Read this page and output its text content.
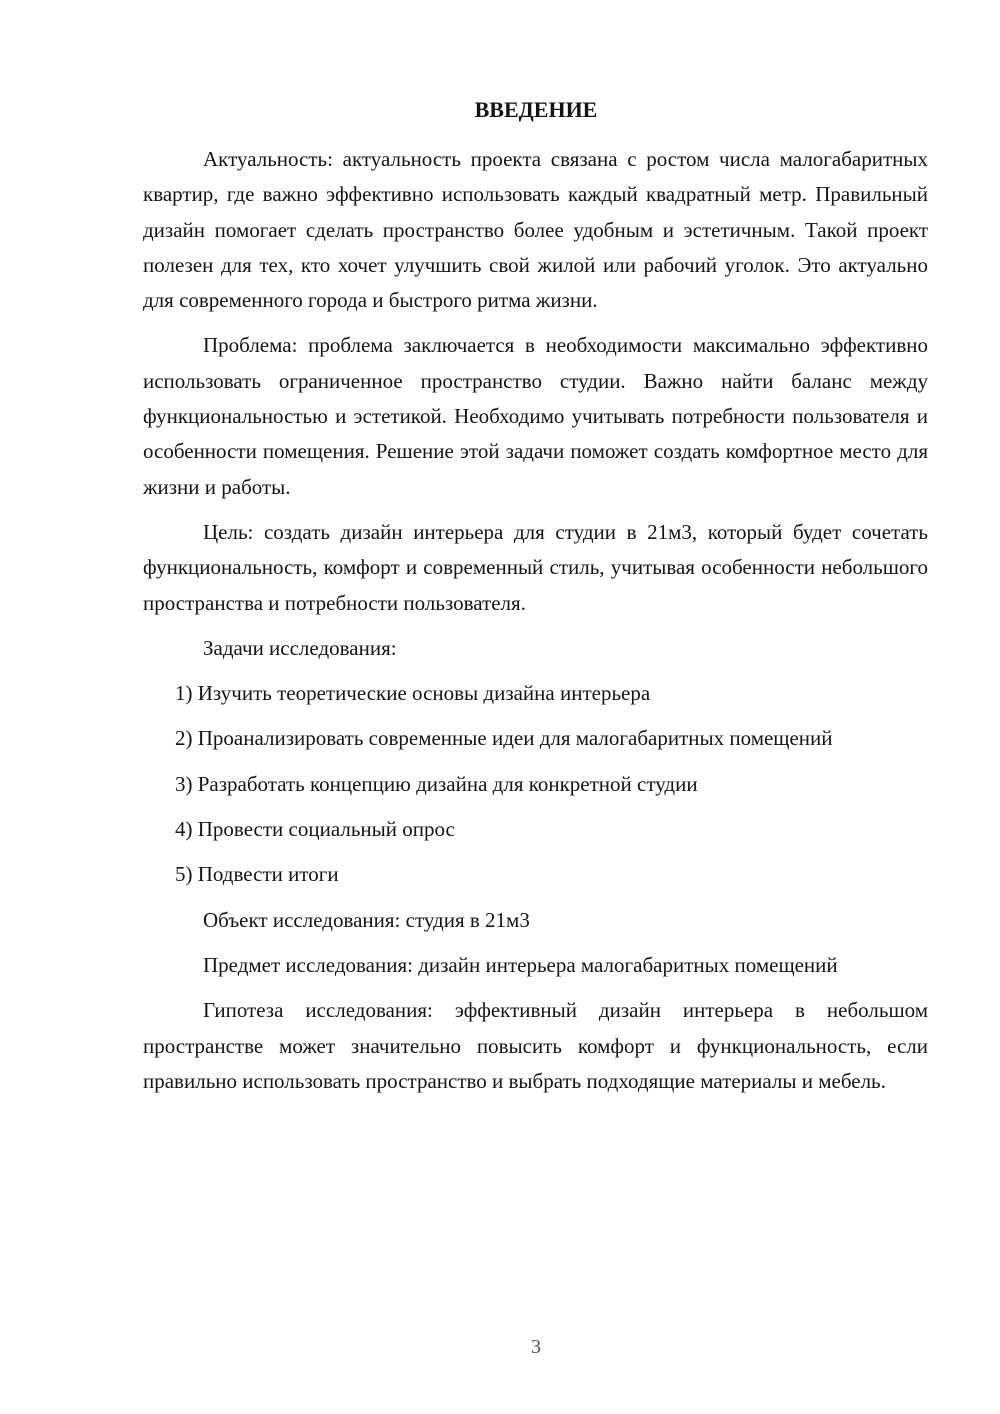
ВВЕДЕНИЕ

Актуальность: актуальность проекта связана с ростом числа малогабаритных квартир, где важно эффективно использовать каждый квадратный метр. Правильный дизайн помогает сделать пространство более удобным и эстетичным. Такой проект полезен для тех, кто хочет улучшить свой жилой или рабочий уголок. Это актуально для современного города и быстрого ритма жизни.

Проблема: проблема заключается в необходимости максимально эффективно использовать ограниченное пространство студии. Важно найти баланс между функциональностью и эстетикой. Необходимо учитывать потребности пользователя и особенности помещения. Решение этой задачи поможет создать комфортное место для жизни и работы.

Цель: создать дизайн интерьера для студии в 21м3, который будет сочетать функциональность, комфорт и современный стиль, учитывая особенности небольшого пространства и потребности пользователя.

Задачи исследования:

1) Изучить теоретические основы дизайна интерьера

2) Проанализировать современные идеи для малогабаритных помещений

3) Разработать концепцию дизайна для конкретной студии

4) Провести социальный опрос

5) Подвести итоги

Объект исследования: студия в 21м3

Предмет исследования: дизайн интерьера малогабаритных помещений

Гипотеза исследования: эффективный дизайн интерьера в небольшом пространстве может значительно повысить комфорт и функциональность, если правильно использовать пространство и выбрать подходящие материалы и мебель.

3
